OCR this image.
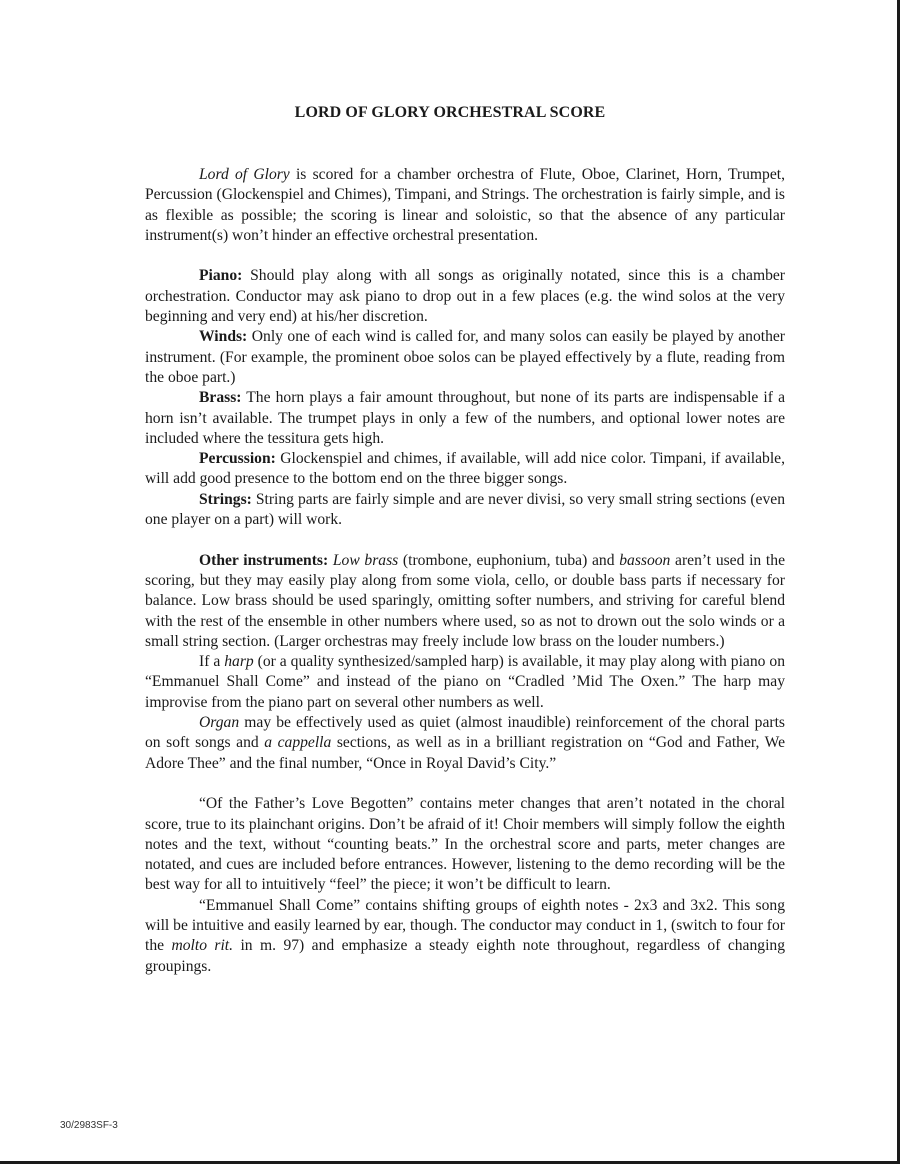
LORD OF GLORY ORCHESTRAL SCORE

Lord of Glory is scored for a chamber orchestra of Flute, Oboe, Clarinet, Horn, Trumpet, Percussion (Glockenspiel and Chimes), Timpani, and Strings. The orchestration is fairly simple, and is as flexible as possible; the scoring is linear and soloistic, so that the absence of any particular instrument(s) won’t hinder an effective orchestral presentation.

Piano: Should play along with all songs as originally notated, since this is a chamber orchestration. Conductor may ask piano to drop out in a few places (e.g. the wind solos at the very beginning and very end) at his/her discretion.

Winds: Only one of each wind is called for, and many solos can easily be played by another instrument. (For example, the prominent oboe solos can be played effectively by a flute, reading from the oboe part.)

Brass: The horn plays a fair amount throughout, but none of its parts are indispensable if a horn isn’t available. The trumpet plays in only a few of the numbers, and optional lower notes are included where the tessitura gets high.

Percussion: Glockenspiel and chimes, if available, will add nice color. Timpani, if available, will add good presence to the bottom end on the three bigger songs.

Strings: String parts are fairly simple and are never divisi, so very small string sections (even one player on a part) will work.

Other instruments: Low brass (trombone, euphonium, tuba) and bassoon aren’t used in the scoring, but they may easily play along from some viola, cello, or double bass parts if necessary for balance. Low brass should be used sparingly, omitting softer numbers, and striving for careful blend with the rest of the ensemble in other numbers where used, so as not to drown out the solo winds or a small string section. (Larger orchestras may freely include low brass on the louder numbers.)

If a harp (or a quality synthesized/sampled harp) is available, it may play along with piano on “Emmanuel Shall Come” and instead of the piano on “Cradled ’Mid The Oxen.” The harp may improvise from the piano part on several other numbers as well.

Organ may be effectively used as quiet (almost inaudible) reinforcement of the choral parts on soft songs and a cappella sections, as well as in a brilliant registration on “God and Father, We Adore Thee” and the final number, “Once in Royal David’s City.”

“Of the Father’s Love Begotten” contains meter changes that aren’t notated in the choral score, true to its plainchant origins. Don’t be afraid of it! Choir members will simply follow the eighth notes and the text, without “counting beats.” In the orchestral score and parts, meter changes are notated, and cues are included before entrances. However, listening to the demo recording will be the best way for all to intuitively “feel” the piece; it won’t be difficult to learn.

“Emmanuel Shall Come” contains shifting groups of eighth notes - 2x3 and 3x2. This song will be intuitive and easily learned by ear, though. The conductor may conduct in 1, (switch to four for the molto rit. in m. 97) and emphasize a steady eighth note throughout, regardless of changing groupings.

30/2983SF-3
